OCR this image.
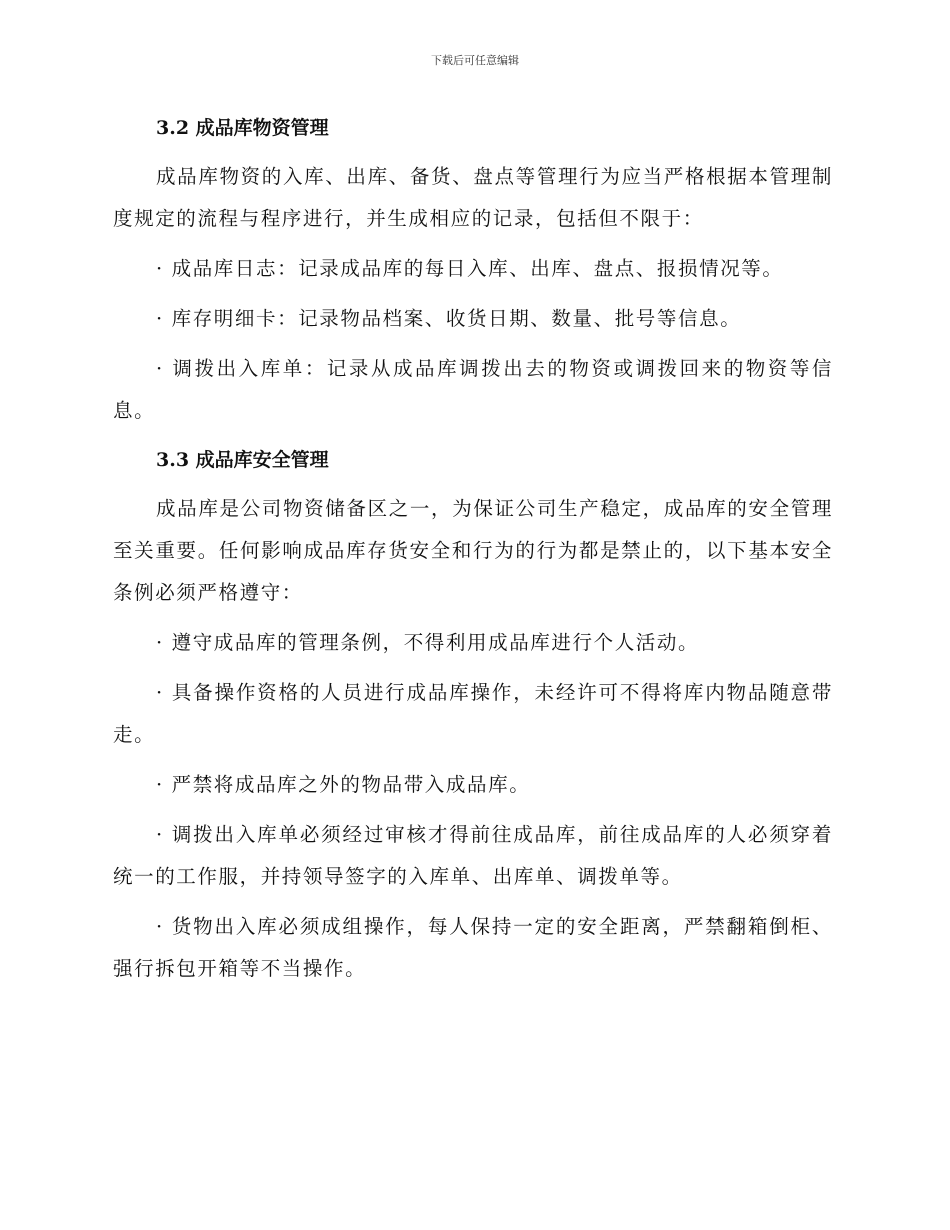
下载后可任意编辑
3.2 成品库物资管理

成品库物资的入库、出库、备货、盘点等管理行为应当严格根据本管理制度规定的流程与程序进行，并生成相应的记录，包括但不限于：

· 成品库日志：记录成品库的每日入库、出库、盘点、报损情况等。

· 库存明细卡：记录物品档案、收货日期、数量、批号等信息。

· 调拨出入库单：记录从成品库调拨出去的物资或调拨回来的物资等信息。

3.3 成品库安全管理

成品库是公司物资储备区之一，为保证公司生产稳定，成品库的安全管理至关重要。任何影响成品库存货安全和行为的行为都是禁止的，以下基本安全条例必须严格遵守：

· 遵守成品库的管理条例，不得利用成品库进行个人活动。

· 具备操作资格的人员进行成品库操作，未经许可不得将库内物品随意带走。

· 严禁将成品库之外的物品带入成品库。

· 调拨出入库单必须经过审核才得前往成品库，前往成品库的人必须穿着统一的工作服，并持领导签字的入库单、出库单、调拨单等。

· 货物出入库必须成组操作，每人保持一定的安全距离，严禁翻箱倒柜、强行拆包开箱等不当操作。
